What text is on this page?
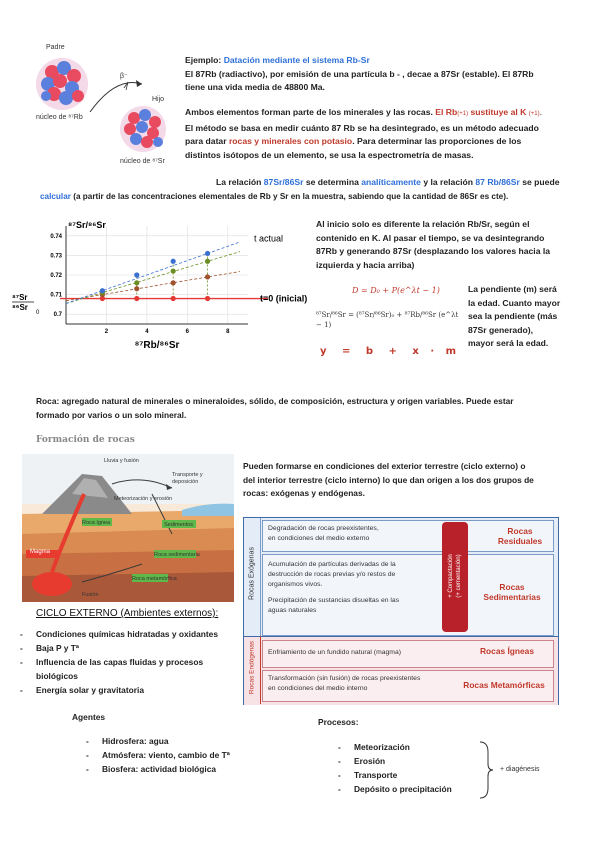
Padre
núcleo de ⁸⁷Rb
β⁻
Hijo
núcleo de ⁸⁷Sr
Ejemplo: Datación mediante el sistema Rb-Sr
El 87Rb (radiactivo), por emisión de una partícula b - , decae a 87Sr (estable). El 87Rb
tiene una vida media de 48800 Ma.
Ambos elementos forman parte de los minerales y las rocas. El Rb(+1) sustituye al K (+1).
El método se basa en medir cuánto 87 Rb se ha desintegrado, es un método adecuado
para datar rocas y minerales con potasio. Para determinar las proporciones de los
distintos isótopos de un elemento, se usa la espectrometría de masas.
La relación 87Sr/86Sr se determina analíticamente y la relación 87 Rb/86Sr se puede
calcular (a partir de las concentraciones elementales de Rb y Sr en la muestra, sabiendo que la cantidad de 86Sr es cte).
0.7
0.71
0.72
0.73
0.74
2	4	6	8
t actual
t=0 (inicial)
⁸⁷Sr/⁸⁶Sr
⁸⁷Sr
⁸⁶Sr
0
⁸⁷Rb/⁸⁶Sr
Al inicio solo es diferente la relación Rb/Sr, según el
contenido en K. Al pasar el tiempo, se va desintegrando
87Rb y generando 87Sr (desplazando los valores hacia la
izquierda y hacia arriba)
D = D₀ + P(e^λt − 1)
⁸⁷Sr/⁸⁶Sr = (⁸⁷Sr/⁸⁶Sr)₀ + ⁸⁷Rb/⁸⁶Sr (e^λt − 1)
y = b + x · m
La pendiente (m) será
la edad. Cuanto mayor
sea la pendiente (más
87Sr generado),
mayor será la edad.
Roca: agregado natural de minerales o mineraloides, sólido, de composición, estructura y origen variables. Puede estar
formado por varios o un solo mineral.
Formación de rocas
Magma
Lluvia y fusión
Transporte y deposición
Sedimentos
Roca sedimentaria
Roca metamórfica
Roca ígnea
Meteorización y erosión
Fusión
Pueden formarse en condiciones del exterior terrestre (ciclo externo) o
del interior terrestre (ciclo interno) lo que dan origen a los dos grupos de
rocas: exógenas y endógenas.
Rocas Exógenas
Degradación de rocas preexistentes,
en condiciones del medio externo
Rocas Residuales
Acumulación de partículas derivadas de la
destrucción de rocas previas y/o restos de
organismos vivos.
Precipitación de sustancias disueltas en las
aguas naturales
+ Compactación (+ cementación)	Rocas Sedimentarias
Rocas Endógenas Enfriamiento de un fundido natural (magma)	Rocas Ígneas
Transformación (sin fusión) de rocas preexistentes
en condiciones del medio interno	Rocas Metamórficas
CICLO EXTERNO (Ambientes externos):
- Condiciones químicas hidratadas y oxidantes
- Baja P y Tª
- Influencia de las capas fluidas y procesos
biológicos
- Energía solar y gravitatoria
Agentes
- Hidrosfera: agua
- Atmósfera: viento, cambio de Tª
- Biosfera: actividad biológica
Procesos:
- Meteorización
- Erosión
- Transporte
- Depósito o precipitación
+ diagénesis
